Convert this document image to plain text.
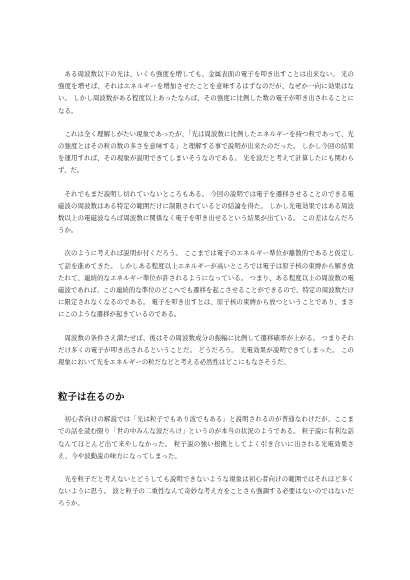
ある周波数以下の光は、いくら強度を増しても、金属表面の電子を叩き出すことは出来ない。 光の強度を増せば、それはエネルギーを増加させたことを意味するはずなのだが、なぜか一向に効果はない。 しかし周波数がある程度以上あったならば、その強度に比例した数の電子が叩き出されることになる。

これは全く理解しがたい現象であったが、「光は周波数に比例したエネルギーを持つ粒であって、光の強度とはその粒の数の多さを意味する」と理解する事で説明が出来たのだった。 しかし今回の結果を運用すれば、その現象が説明できてしまいそうなのである。 光を波だと考えて計算したにも関わらず、だ。

それでもまだ説明し切れていないところもある。 今回の説明では電子を遷移させることのできる電磁波の周波数はある特定の範囲だけに制限されているとの結論を得た。 しかし光電効果ではある周波数以上の電磁波ならば周波数に関係なく電子を叩き出せるという結果が出ている。 この差はなんだろうか。

次のように考えれば説明が付くだろう。 ここまでは電子のエネルギー準位が離散的であると仮定して話を進めてきた。 しかしある程度以上エネルギーが高いところでは電子は原子核の束縛から解き放たれて、連続的なエネルギー準位が許されるようになっている。 つまり、ある程度以上の周波数の電磁波であれば、この連続的な準位のどこへでも遷移を起こさせることができるので、特定の周波数だけに限定されなくなるのである。 電子を叩き出すとは、原子核の束縛から放つということであり、まさにこのような遷移が起きているのである。

周波数の条件さえ満たせば、後はその周波数成分の振幅に比例して遷移確率が上がる。 つまりそれだけ多くの電子が叩き出されるということだ。 どうだろう。 光電効果が説明できてしまった。 この現象において光をエネルギーの粒だなどと考える必然性はどこにもなさそうだ。

粒子は在るのか

初心者向けの解説では「光は粒子でもあり波でもある」と説明されるのが普通なわけだが、ここまでの話を読む限り「世の中みんな波だらけ」というのが本当の状況のようである。 粒子説に有利な話なんてほとんど出て来やしなかった。 粒子説の強い根拠としてよく引き合いに出される光電効果さえ、今や波動説の味方になってしまった。

光を粒子だと考えないとどうしても説明できないような現象は初心者向けの範囲ではそれほど多くないように思う。 波と粒子の二重性なんて奇妙な考え方をことさら強調する必要はないのではないだろうか。
